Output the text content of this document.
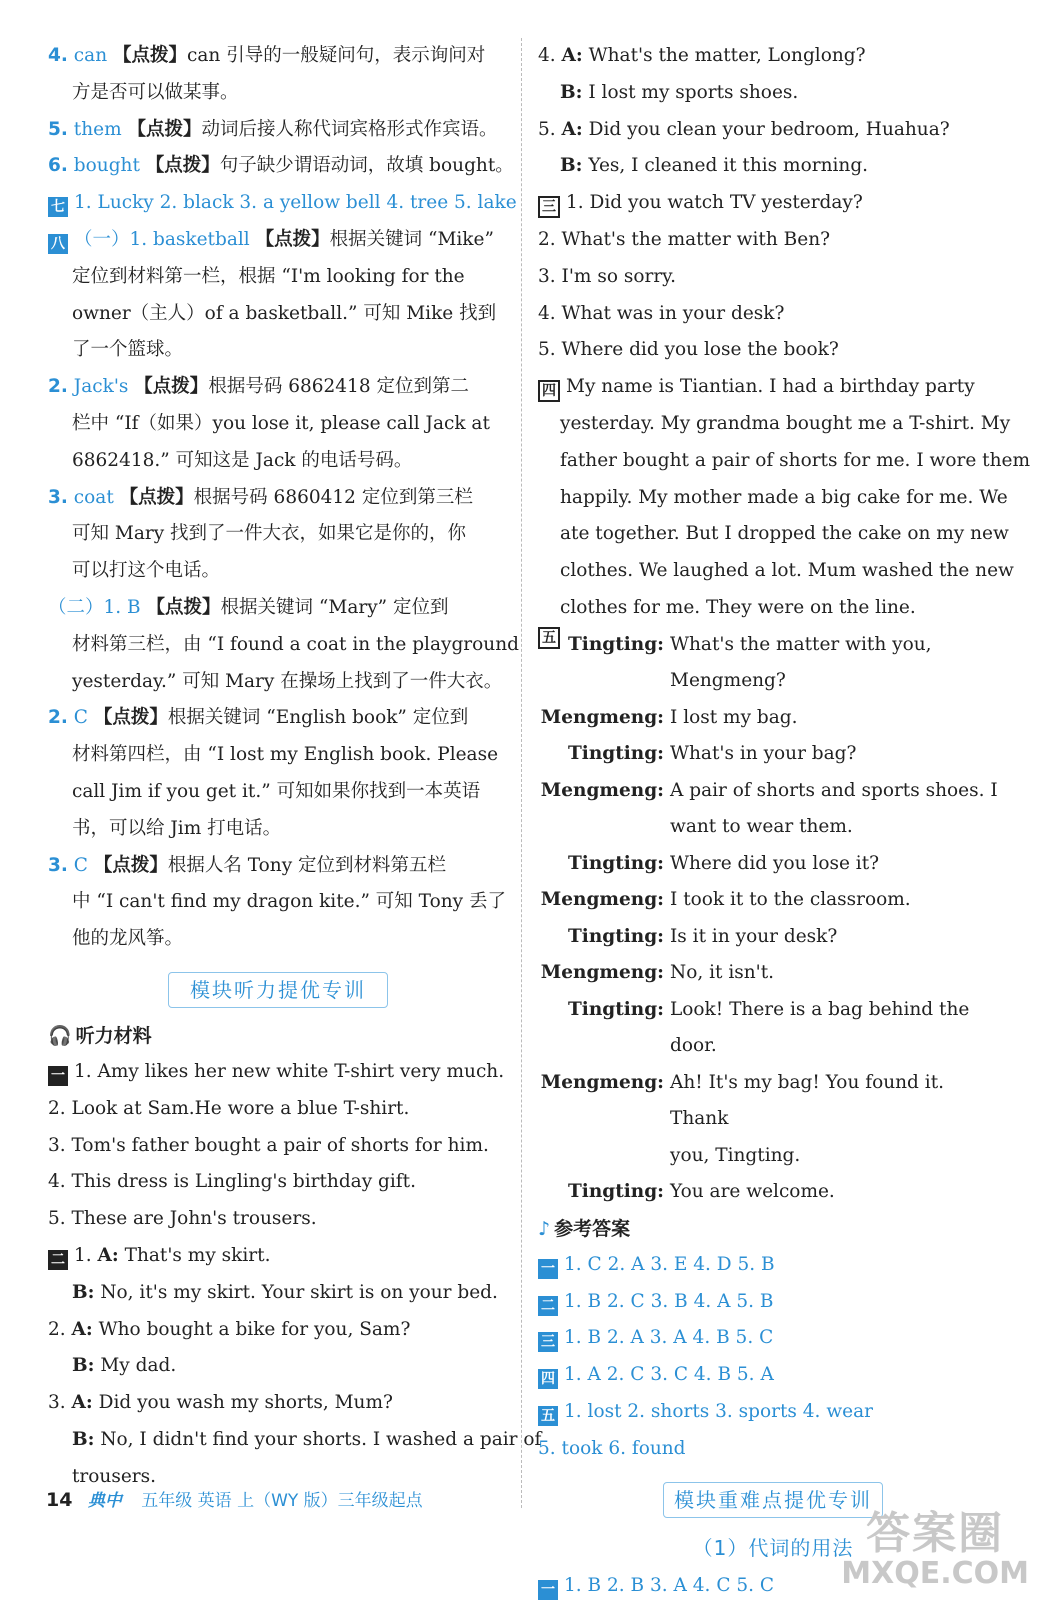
4. can 【点拨】can 引导的一般疑问句，表示询问对
方是否可以做某事。
5. them 【点拨】动词后接人称代词宾格形式作宾语。
6. bought 【点拨】句子缺少谓语动词，故填 bought。
七 1. Lucky 2. black 3. a yellow bell 4. tree 5. lake
八 （一）1. basketball 【点拨】根据关键词 “Mike”
定位到材料第一栏，根据 “I'm looking for the
owner（主人）of a basketball.” 可知 Mike 找到
了一个篮球。
2. Jack's 【点拨】根据号码 6862418 定位到第二
栏中 “If（如果）you lose it, please call Jack at
6862418.” 可知这是 Jack 的电话号码。
3. coat 【点拨】根据号码 6860412 定位到第三栏
可知 Mary 找到了一件大衣，如果它是你的，你
可以打这个电话。
（二）1. B 【点拨】根据关键词 “Mary” 定位到
材料第三栏，由 “I found a coat in the playground
yesterday.” 可知 Mary 在操场上找到了一件大衣。
2. C 【点拨】根据关键词 “English book” 定位到
材料第四栏，由 “I lost my English book. Please
call Jim if you get it.” 可知如果你找到一本英语
书，可以给 Jim 打电话。
3. C 【点拨】根据人名 Tony 定位到材料第五栏
中 “I can't find my dragon kite.” 可知 Tony 丢了
他的龙风筝。
模块听力提优专训
🎧 听力材料
一 1. Amy likes her new white T-shirt very much.
2. Look at Sam.He wore a blue T-shirt.
3. Tom's father bought a pair of shorts for him.
4. This dress is Lingling's birthday gift.
5. These are John's trousers.
二 1. A: That's my skirt.
B: No, it's my skirt. Your skirt is on your bed.
2. A: Who bought a bike for you, Sam?
B: My dad.
3. A: Did you wash my shorts, Mum?
B: No, I didn't find your shorts. I washed a pair of
trousers.
4. A: What's the matter, Longlong?
B: I lost my sports shoes.
5. A: Did you clean your bedroom, Huahua?
B: Yes, I cleaned it this morning.
三 1. Did you watch TV yesterday?
2. What's the matter with Ben?
3. I'm so sorry.
4. What was in your desk?
5. Where did you lose the book?
四 My name is Tiantian. I had a birthday party
yesterday. My grandma bought me a T-shirt. My
father bought a pair of shorts for me. I wore them
happily. My mother made a big cake for me. We
ate together. But I dropped the cake on my new
clothes. We laughed a lot. Mum washed the new
clothes for me. They were on the line.
五 Tingting: What's the matter with you, Mengmeng?
Mengmeng: I lost my bag.
Tingting: What's in your bag?
Mengmeng: A pair of shorts and sports shoes. I
want to wear them.
Tingting: Where did you lose it?
Mengmeng: I took it to the classroom.
Tingting: Is it in your desk?
Mengmeng: No, it isn't.
Tingting: Look! There is a bag behind the door.
Mengmeng: Ah! It's my bag! You found it. Thank
you, Tingting.
Tingting: You are welcome.
♪ 参考答案
一 1. C 2. A 3. E 4. D 5. B
二 1. B 2. C 3. B 4. A 5. B
三 1. B 2. A 3. A 4. B 5. C
四 1. A 2. C 3. C 4. B 5. A
五 1. lost 2. shorts 3. sports 4. wear
5. took 6. found
模块重难点提优专训
（1）代词的用法
一 1. B 2. B 3. A 4. C 5. C
14 典中 五年级 英语 上（WY 版）三年级起点
答案圈
MXQE.COM
